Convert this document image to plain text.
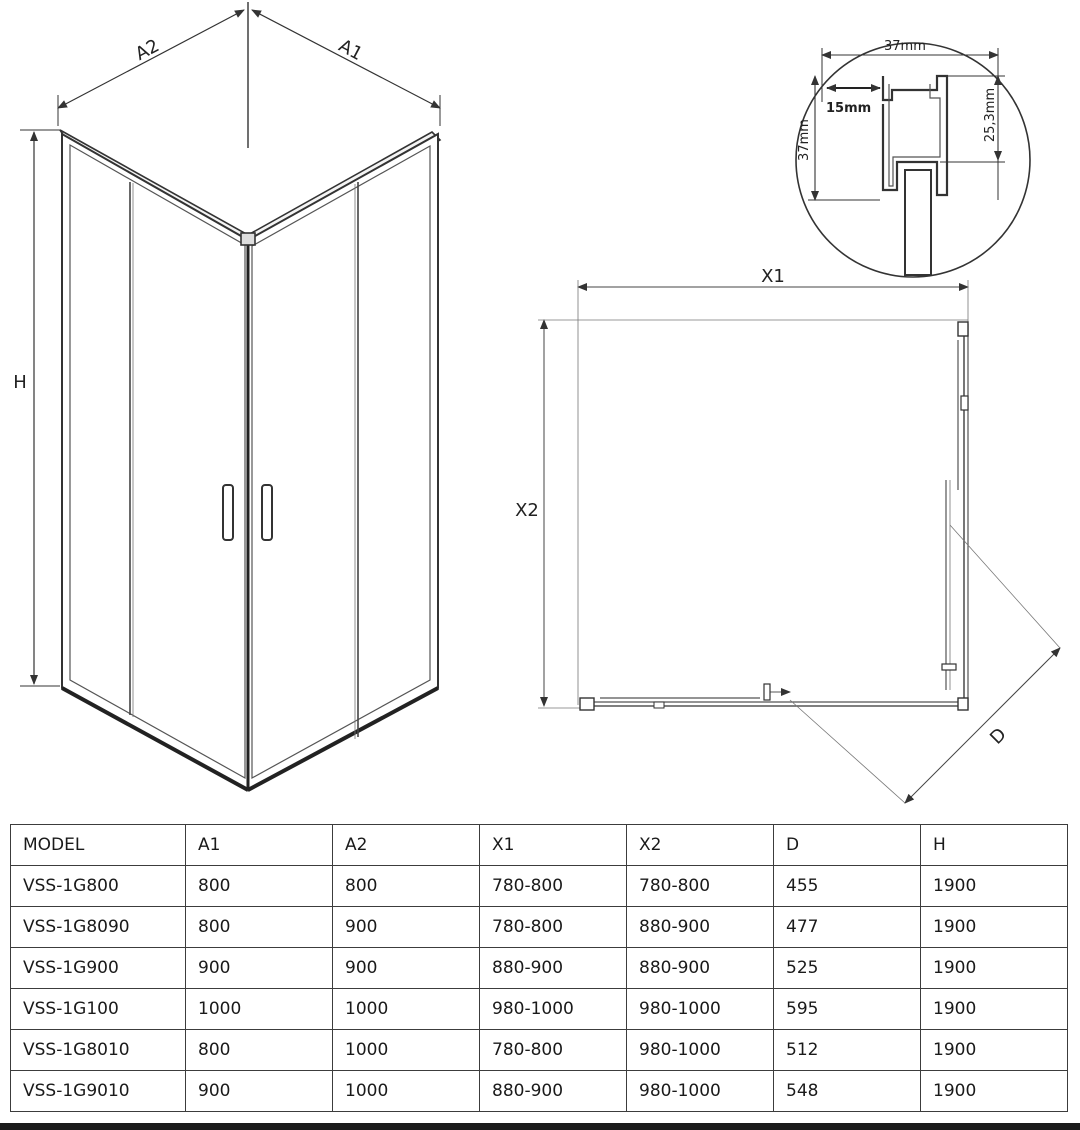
A2	A1
H
37mm
15mm
37mm	25,3mm
X1
X2
D
MODEL	A1	A2	X1	X2	D	H
VSS-1G800	800	800	780-800	780-800	455	1900
VSS-1G8090	800	900	780-800	880-900	477	1900
VSS-1G900	900	900	880-900	880-900	525	1900
VSS-1G100	1000	1000	980-1000	980-1000	595	1900
VSS-1G8010	800	1000	780-800	980-1000	512	1900
VSS-1G9010	900	1000	880-900	980-1000	548	1900
